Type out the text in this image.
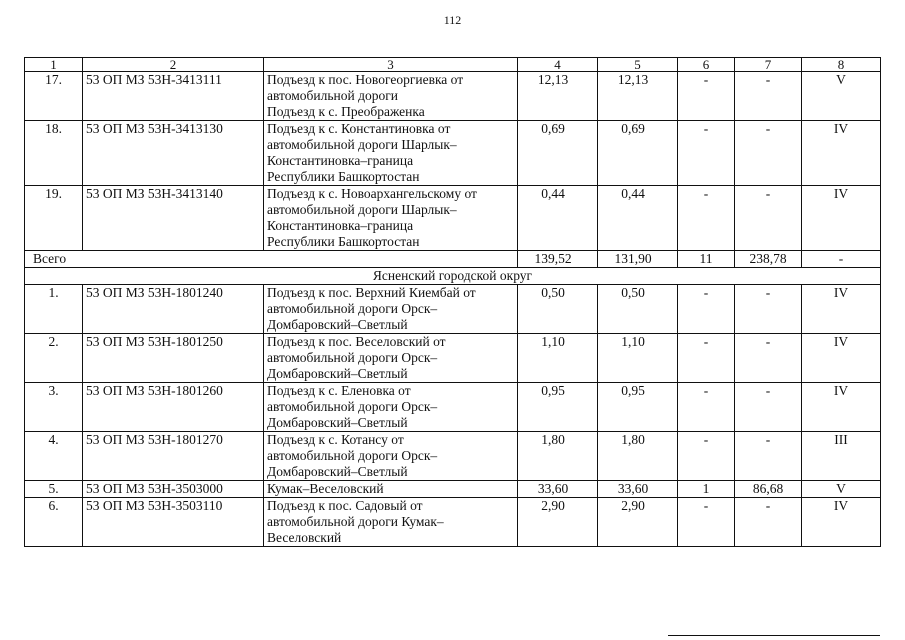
112
1	2	3	4	5	6	7	8
17.	53 ОП МЗ 53Н-3413111	Подъезд к пос. Новогеоргиевка от
автомобильной дороги
Подъезд к с. Преображенка	12,13	12,13	-	-	V
18.	53 ОП МЗ 53Н-3413130	Подъезд к с. Константиновка от
автомобильной дороги Шарлык–
Константиновка–граница
Республики Башкортостан	0,69	0,69	-	-	IV
19.	53 ОП МЗ 53Н-3413140	Подъезд к с. Новоархангельскому от
автомобильной дороги Шарлык–
Константиновка–граница
Республики Башкортостан	0,44	0,44	-	-	IV
Всего			139,52	131,90	11	238,78	-
Ясненский городской округ							
1.	53 ОП МЗ 53Н-1801240	Подъезд к пос. Верхний Киембай от
автомобильной дороги Орск–
Домбаровский–Светлый	0,50	0,50	-	-	IV
2.	53 ОП МЗ 53Н-1801250	Подъезд к пос. Веселовский от
автомобильной дороги Орск–
Домбаровский–Светлый	1,10	1,10	-	-	IV
3.	53 ОП МЗ 53Н-1801260	Подъезд к с. Еленовка от
автомобильной дороги Орск–
Домбаровский–Светлый	0,95	0,95	-	-	IV
4.	53 ОП МЗ 53Н-1801270	Подъезд к с. Котансу от
автомобильной дороги Орск–
Домбаровский–Светлый	1,80	1,80	-	-	III
5.	53 ОП МЗ 53Н-3503000	Кумак–Веселовский	33,60	33,60	1	86,68	V
6.	53 ОП МЗ 53Н-3503110	Подъезд к пос. Садовый от
автомобильной дороги Кумак–
Веселовский	2,90	2,90	-	-	IV
